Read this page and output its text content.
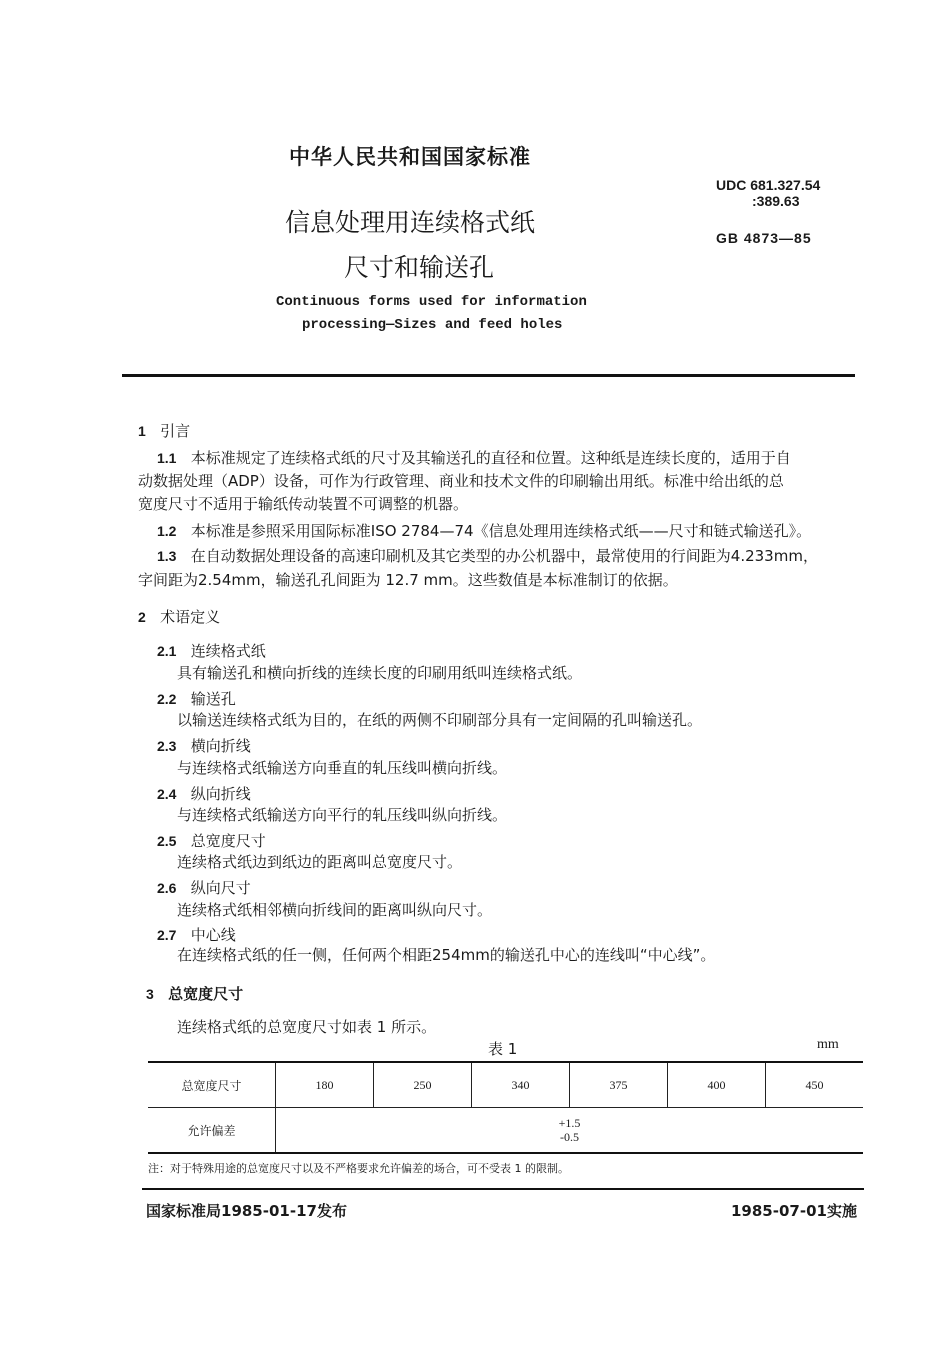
中华人民共和国国家标准
UDC 681.327.54
:389.63
GB 4873—85
信息处理用连续格式纸
尺寸和输送孔
Continuous forms used for information
processing—Sizes and feed holes
1 引言
1.1 本标准规定了连续格式纸的尺寸及其输送孔的直径和位置。这种纸是连续长度的，适用于自
动数据处理（ADP）设备，可作为行政管理、商业和技术文件的印刷输出用纸。标准中给出纸的总
宽度尺寸不适用于输纸传动装置不可调整的机器。
1.2 本标准是参照采用国际标准ISO 2784—74《信息处理用连续格式纸——尺寸和链式输送孔》。
1.3 在自动数据处理设备的高速印刷机及其它类型的办公机器中，最常使用的行间距为4.233mm，
字间距为2.54mm，输送孔孔间距为 12.7 mm。这些数值是本标准制订的依据。
2 术语定义
2.1 连续格式纸
具有输送孔和横向折线的连续长度的印刷用纸叫连续格式纸。
2.2 输送孔
以输送连续格式纸为目的，在纸的两侧不印刷部分具有一定间隔的孔叫输送孔。
2.3 横向折线
与连续格式纸输送方向垂直的轧压线叫横向折线。
2.4 纵向折线
与连续格式纸输送方向平行的轧压线叫纵向折线。
2.5 总宽度尺寸
连续格式纸边到纸边的距离叫总宽度尺寸。
2.6 纵向尺寸
连续格式纸相邻横向折线间的距离叫纵向尺寸。
2.7 中心线
在连续格式纸的任一侧，任何两个相距254mm的输送孔中心的连线叫“中心线”。
3 总宽度尺寸
连续格式纸的总宽度尺寸如表 1 所示。
表 1	mm
总宽度尺寸	180	250	340	375	400	450
允许偏差	+1.5
-0.5					
注：对于特殊用途的总宽度尺寸以及不严格要求允许偏差的场合，可不受表 1 的限制。
国家标准局1985-01-17发布	1985-07-01实施
